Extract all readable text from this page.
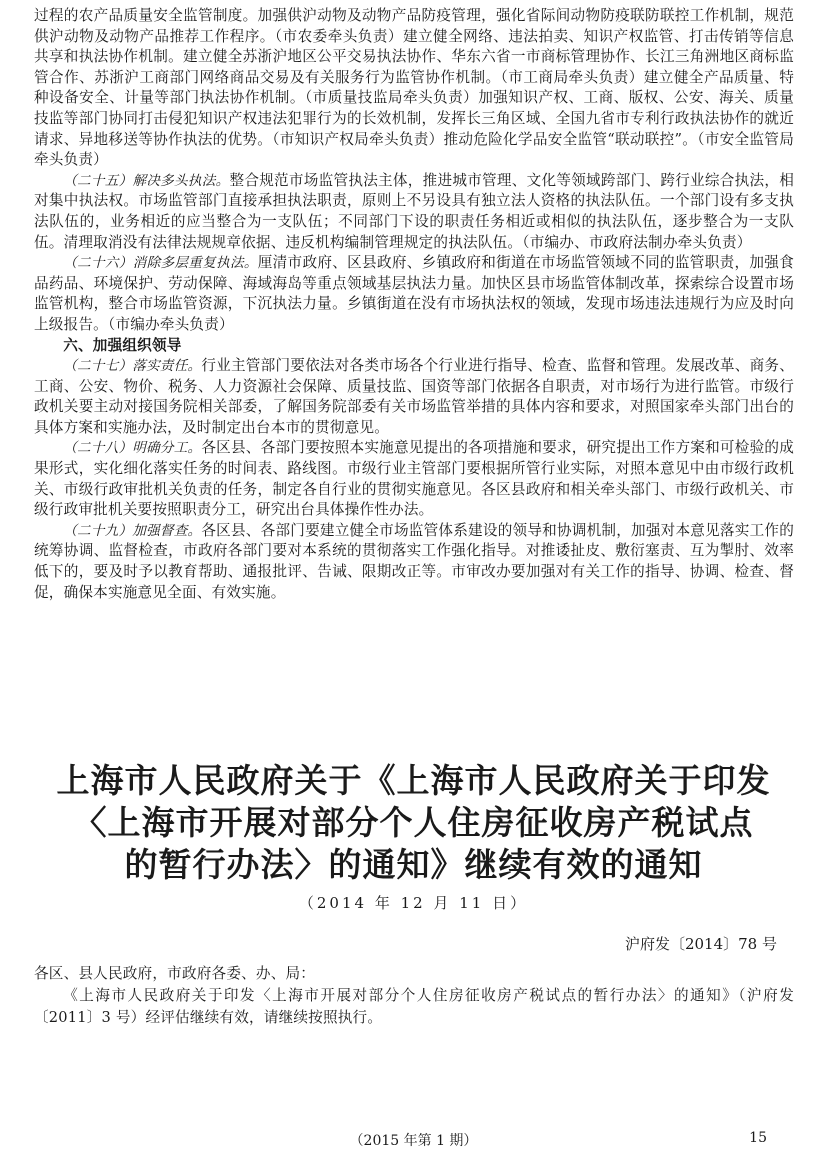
过程的农产品质量安全监管制度。加强供沪动物及动物产品防疫管理，强化省际间动物防疫联防联控工作机制，规范供沪动物及动物产品推荐工作程序。（市农委牵头负责）建立健全网络、违法拍卖、知识产权监管、打击传销等信息共享和执法协作机制。建立健全苏浙沪地区公平交易执法协作、华东六省一市商标管理协作、长江三角洲地区商标监管合作、苏浙沪工商部门网络商品交易及有关服务行为监管协作机制。（市工商局牵头负责）建立健全产品质量、特种设备安全、计量等部门执法协作机制。（市质量技监局牵头负责）加强知识产权、工商、版权、公安、海关、质量技监等部门协同打击侵犯知识产权违法犯罪行为的长效机制，发挥长三角区域、全国九省市专利行政执法协作的就近请求、异地移送等协作执法的优势。（市知识产权局牵头负责）推动危险化学品安全监管“联动联控”。（市安全监管局牵头负责）

（二十五）解决多头执法。整合规范市场监管执法主体，推进城市管理、文化等领域跨部门、跨行业综合执法，相对集中执法权。市场监管部门直接承担执法职责，原则上不另设具有独立法人资格的执法队伍。一个部门设有多支执法队伍的，业务相近的应当整合为一支队伍；不同部门下设的职责任务相近或相似的执法队伍，逐步整合为一支队伍。清理取消没有法律法规规章依据、违反机构编制管理规定的执法队伍。（市编办、市政府法制办牵头负责）

（二十六）消除多层重复执法。厘清市政府、区县政府、乡镇政府和街道在市场监管领域不同的监管职责，加强食品药品、环境保护、劳动保障、海域海岛等重点领域基层执法力量。加快区县市场监管体制改革，探索综合设置市场监管机构，整合市场监管资源，下沉执法力量。乡镇街道在没有市场执法权的领域，发现市场违法违规行为应及时向上级报告。（市编办牵头负责）

六、加强组织领导

（二十七）落实责任。行业主管部门要依法对各类市场各个行业进行指导、检查、监督和管理。发展改革、商务、工商、公安、物价、税务、人力资源社会保障、质量技监、国资等部门依据各自职责，对市场行为进行监管。市级行政机关要主动对接国务院相关部委，了解国务院部委有关市场监管举措的具体内容和要求，对照国家牵头部门出台的具体方案和实施办法，及时制定出台本市的贯彻意见。

（二十八）明确分工。各区县、各部门要按照本实施意见提出的各项措施和要求，研究提出工作方案和可检验的成果形式，实化细化落实任务的时间表、路线图。市级行业主管部门要根据所管行业实际，对照本意见中由市级行政机关、市级行政审批机关负责的任务，制定各自行业的贯彻实施意见。各区县政府和相关牵头部门、市级行政机关、市级行政审批机关要按照职责分工，研究出台具体操作性办法。

（二十九）加强督查。各区县、各部门要建立健全市场监管体系建设的领导和协调机制，加强对本意见落实工作的统筹协调、监督检查，市政府各部门要对本系统的贯彻落实工作强化指导。对推诿扯皮、敷衍塞责、互为掣肘、效率低下的，要及时予以教育帮助、通报批评、告诫、限期改正等。市审改办要加强对有关工作的指导、协调、检查、督促，确保本实施意见全面、有效实施。

上海市人民政府关于《上海市人民政府关于印发
〈上海市开展对部分个人住房征收房产税试点
的暂行办法〉的通知》继续有效的通知
（2014 年 12 月 11 日）
沪府发〔2014〕78 号

各区、县人民政府，市政府各委、办、局：

《上海市人民政府关于印发〈上海市开展对部分个人住房征收房产税试点的暂行办法〉的通知》（沪府发〔2011〕3 号）经评估继续有效，请继续按照执行。

（2015 年第 1 期）	15
